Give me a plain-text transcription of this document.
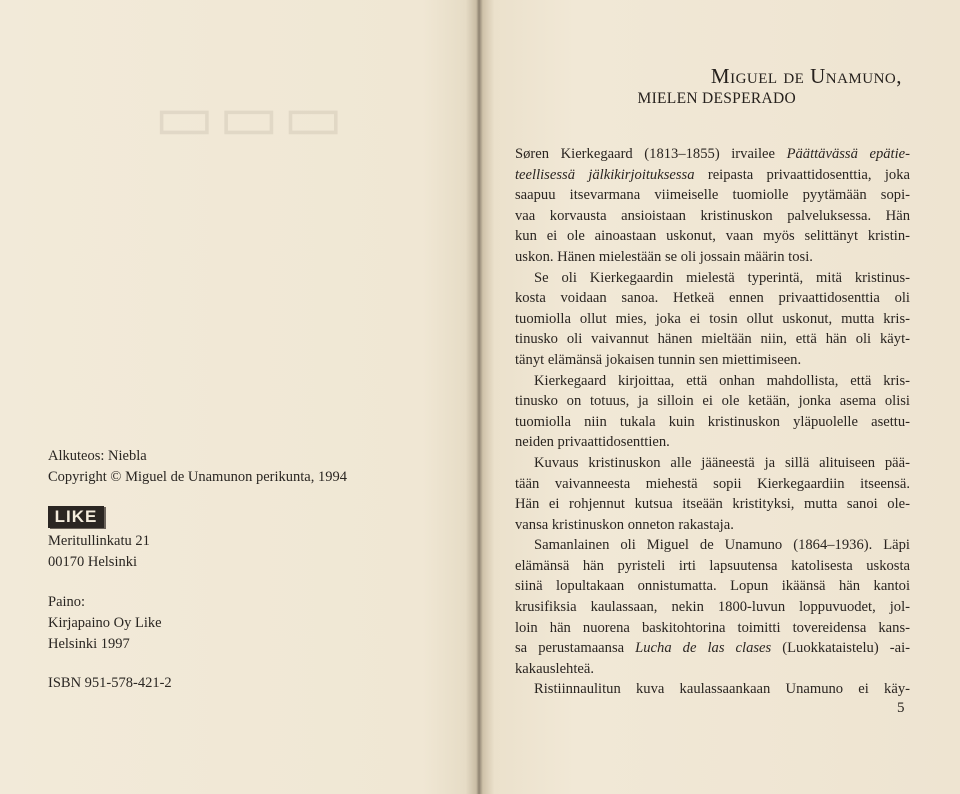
▭▭▭
Alkuteos: Niebla
Copyright © Miguel de Unamunon perikunta, 1994
LIKE
Meritullinkatu 21
00170 Helsinki
Paino:
Kirjapaino Oy Like
Helsinki 1997
ISBN 951-578-421-2
Miguel de Unamuno,
MIELEN DESPERADO
Søren Kierkegaard (1813–1855) irvailee Päättävässä epätie-
teellisessä jälkikirjoituksessa reipasta privaattidosenttia, joka
saapuu itsevarmana viimeiselle tuomiolle pyytämään sopi-
vaa korvausta ansioistaan kristinuskon palveluksessa. Hän
kun ei ole ainoastaan uskonut, vaan myös selittänyt kristin-
uskon. Hänen mielestään se oli jossain määrin tosi.
Se oli Kierkegaardin mielestä typerintä, mitä kristinus-
kosta voidaan sanoa. Hetkeä ennen privaattidosenttia oli
tuomiolla ollut mies, joka ei tosin ollut uskonut, mutta kris-
tinusko oli vaivannut hänen mieltään niin, että hän oli käyt-
tänyt elämänsä jokaisen tunnin sen miettimiseen.
Kierkegaard kirjoittaa, että onhan mahdollista, että kris-
tinusko on totuus, ja silloin ei ole ketään, jonka asema olisi
tuomiolla niin tukala kuin kristinuskon yläpuolelle asettu-
neiden privaattidosenttien.
Kuvaus kristinuskon alle jääneestä ja sillä alituiseen pää-
tään vaivanneesta miehestä sopii Kierkegaardiin itseensä.
Hän ei rohjennut kutsua itseään kristityksi, mutta sanoi ole-
vansa kristinuskon onneton rakastaja.
Samanlainen oli Miguel de Unamuno (1864–1936). Läpi
elämänsä hän pyristeli irti lapsuutensa katolisesta uskosta
siinä lopultakaan onnistumatta. Lopun ikäänsä hän kantoi
krusifiksia kaulassaan, nekin 1800-luvun loppuvuodet, jol-
loin hän nuorena baskitohtorina toimitti tovereidensa kans-
sa perustamaansa Lucha de las clases (Luokkataistelu) -ai-
kakauslehteä.
Ristiinnaulitun kuva kaulassaankaan Unamuno ei käy-
5
